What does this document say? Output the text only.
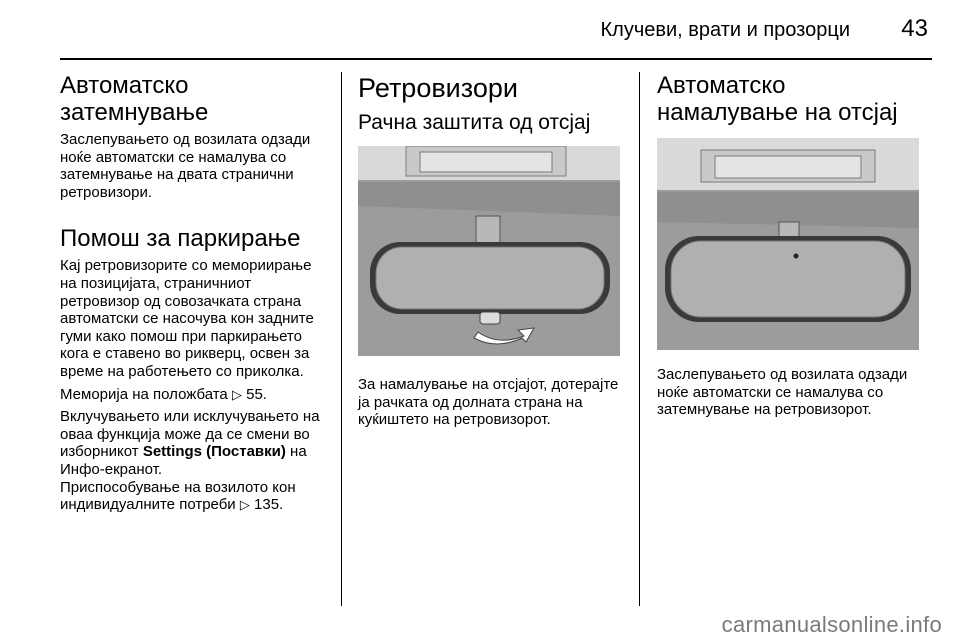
Клучеви, врати и прозорци 43
Автоматско затемнување

Заслепувањето од возилата одзади ноќе автоматски се намалува со затемнување на двата странични ретровизори.

Помош за паркирање

Кај ретровизорите со мемориирање на позицијата, страничниот ретровизор од совозачката страна автоматски се насочува кон задните гуми како помош при паркирањето кога е ставено во рикверц, освен за време на работењето со приколка.

Меморија на положбата ▷ 55.

Вклучувањето или исклучувањето на оваа функција може да се смени во изборникот Settings (Поставки) на Инфо-екранот.

Приспособување на возилото кон индивидуалните потреби ▷ 135.

Ретровизори
Рачна заштита од отсјај

За намалување на отсјајот, дотерајте ја рачката од долната страна на куќиштето на ретровизорот.

Автоматско намалување на отсјај

Заслепувањето од возилата одзади ноќе автоматски се намалува со затемнување на ретровизорот.

carmanualsonline.info
